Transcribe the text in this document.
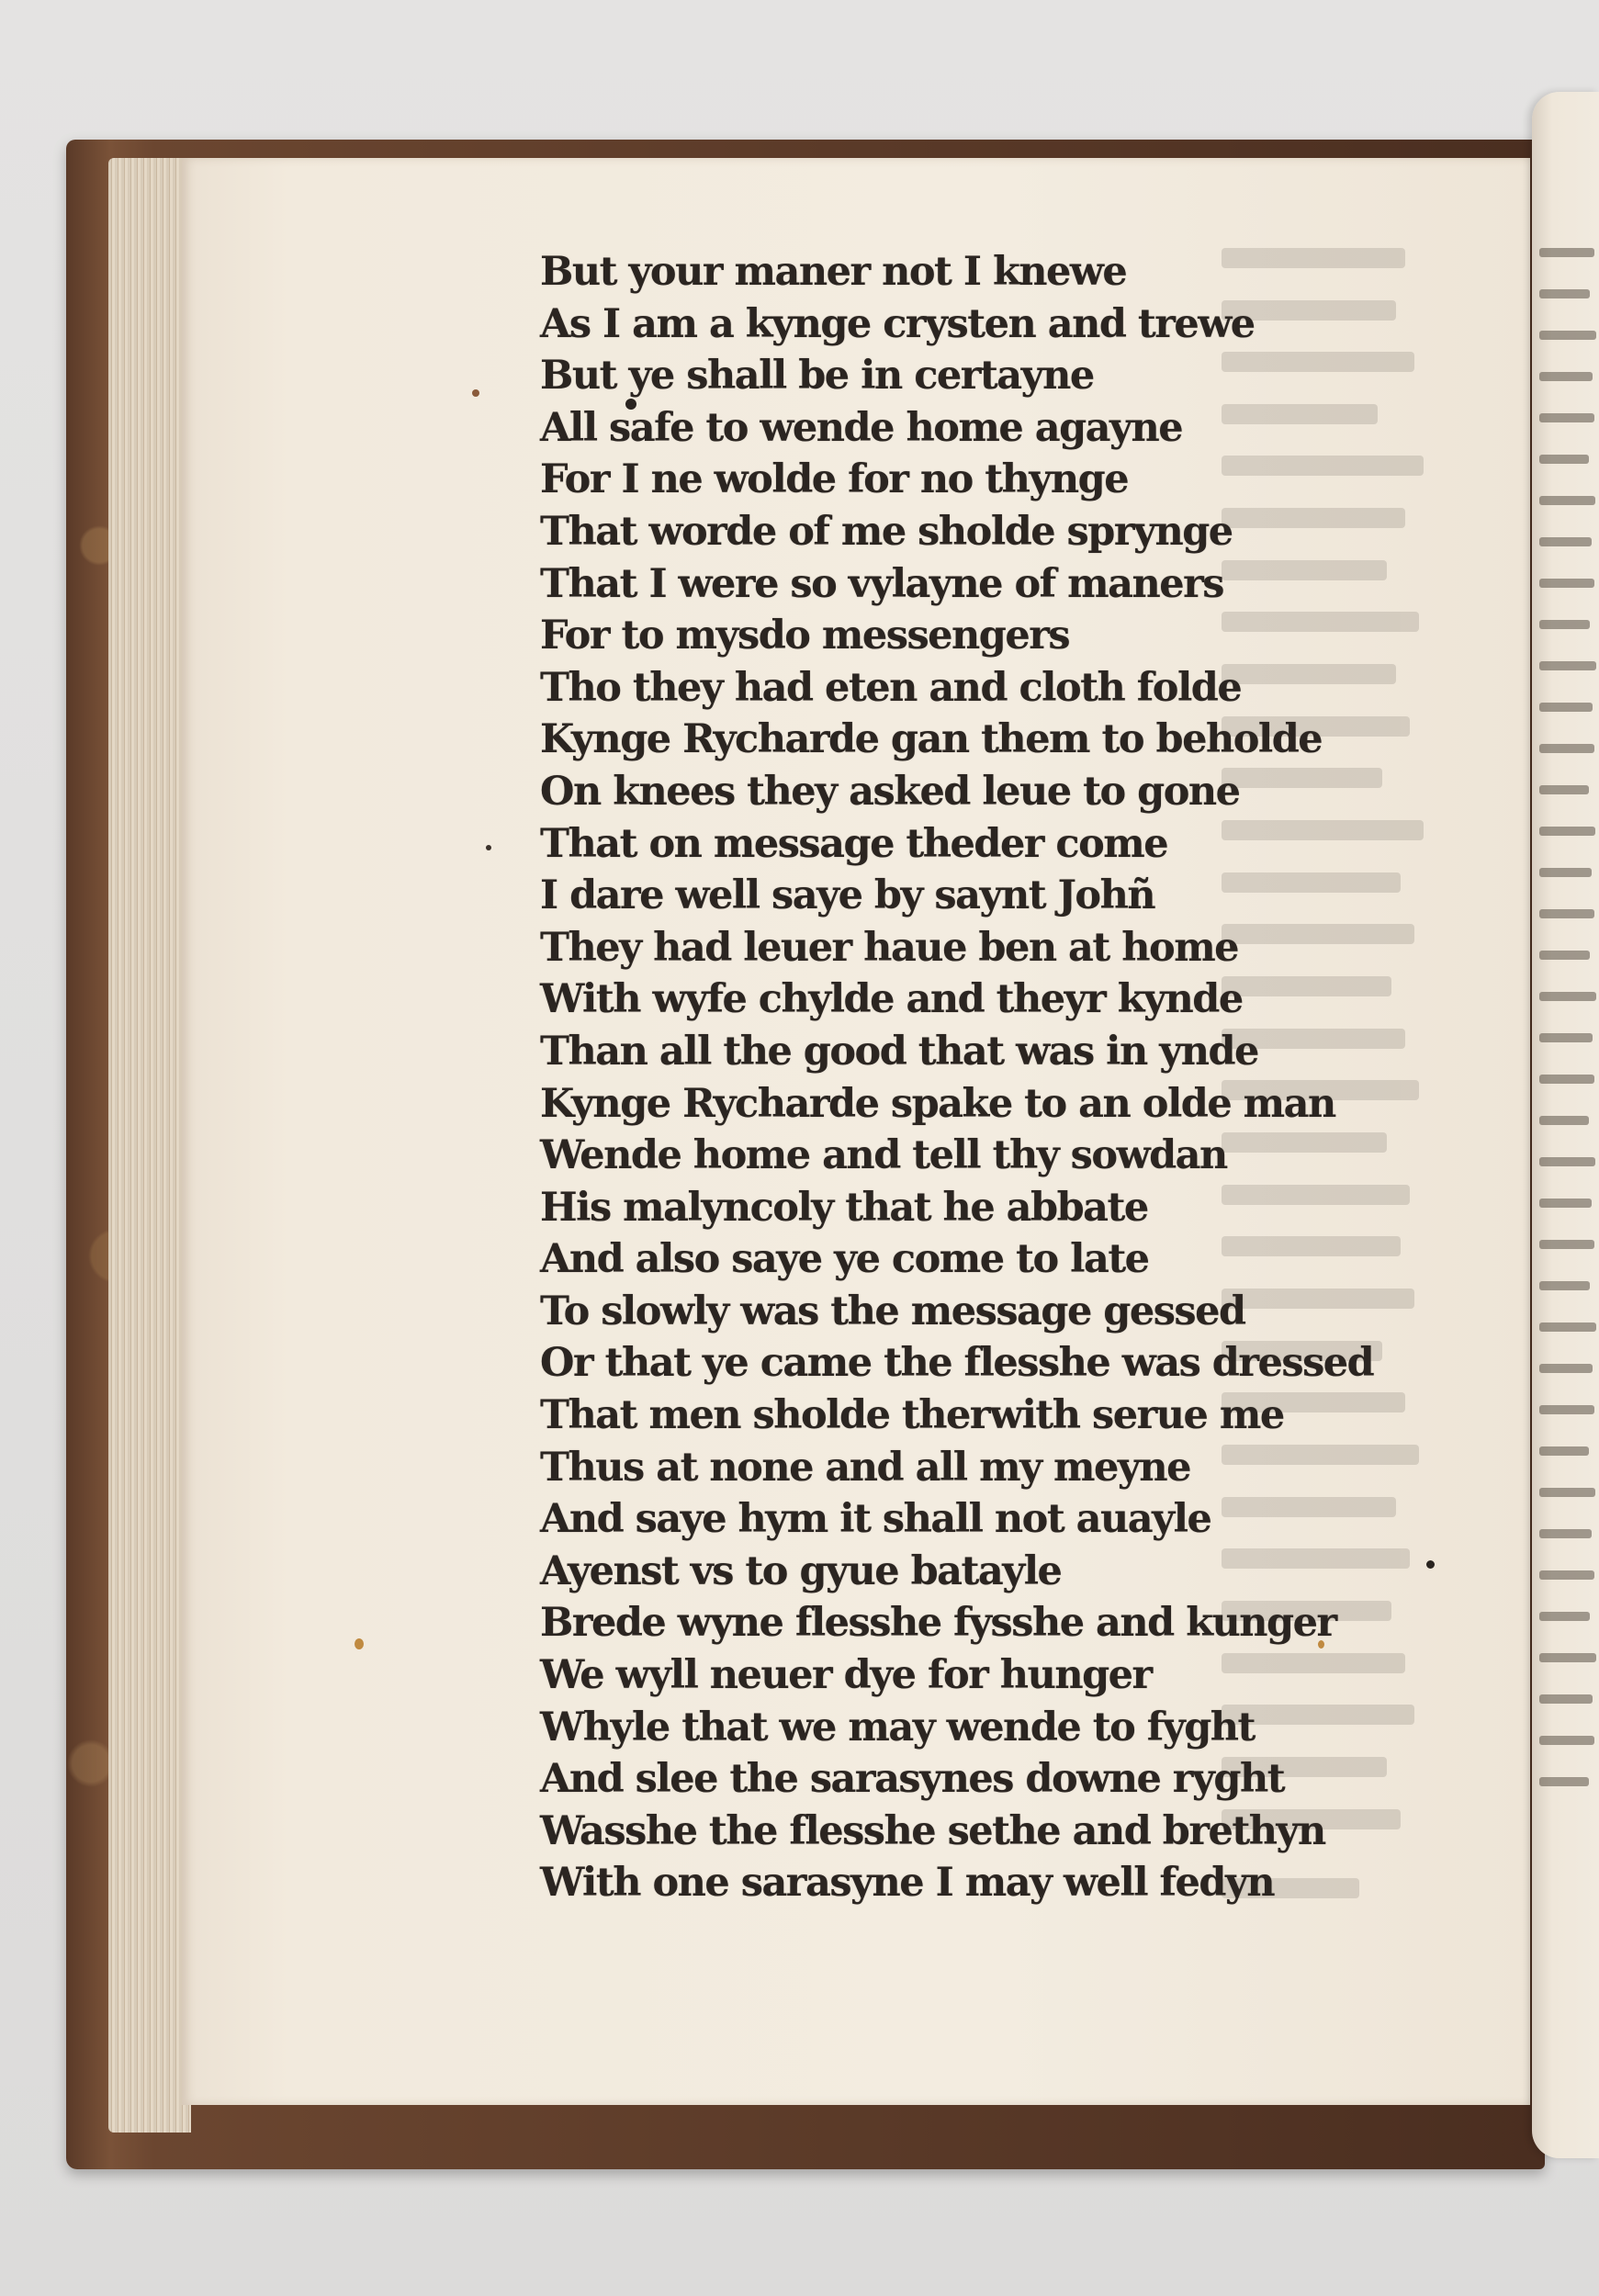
But your maner not I knewe
As I am a kynge crysten and trewe
But ye shall be in certayne
All safe to wende home agayne
For I ne wolde for no thynge
That worde of me sholde sprynge
That I were so vylayne of maners
For to mysdo messengers
Tho they had eten and cloth folde
Kynge Rycharde gan them to beholde
On knees they asked leue to gone
That on message theder come
I dare well saye by saynt Johñ
They had leuer haue ben at home
With wyfe chylde and theyr kynde
Than all the good that was in ynde
Kynge Rycharde spake to an olde man
Wende home and tell thy sowdan
His malyncoly that he abbate
And also saye ye come to late
To slowly was the message gessed
Or that ye came the flesshe was dressed
That men sholde therwith serue me
Thus at none and all my meyne
And saye hym it shall not auayle
Ayenst vs to gyue batayle
Brede wyne flesshe fysshe and kunger
We wyll neuer dye for hunger
Whyle that we may wende to fyght
And slee the sarasynes downe ryght
Wasshe the flesshe sethe and brethyn
With one sarasyne I may well fedyn
